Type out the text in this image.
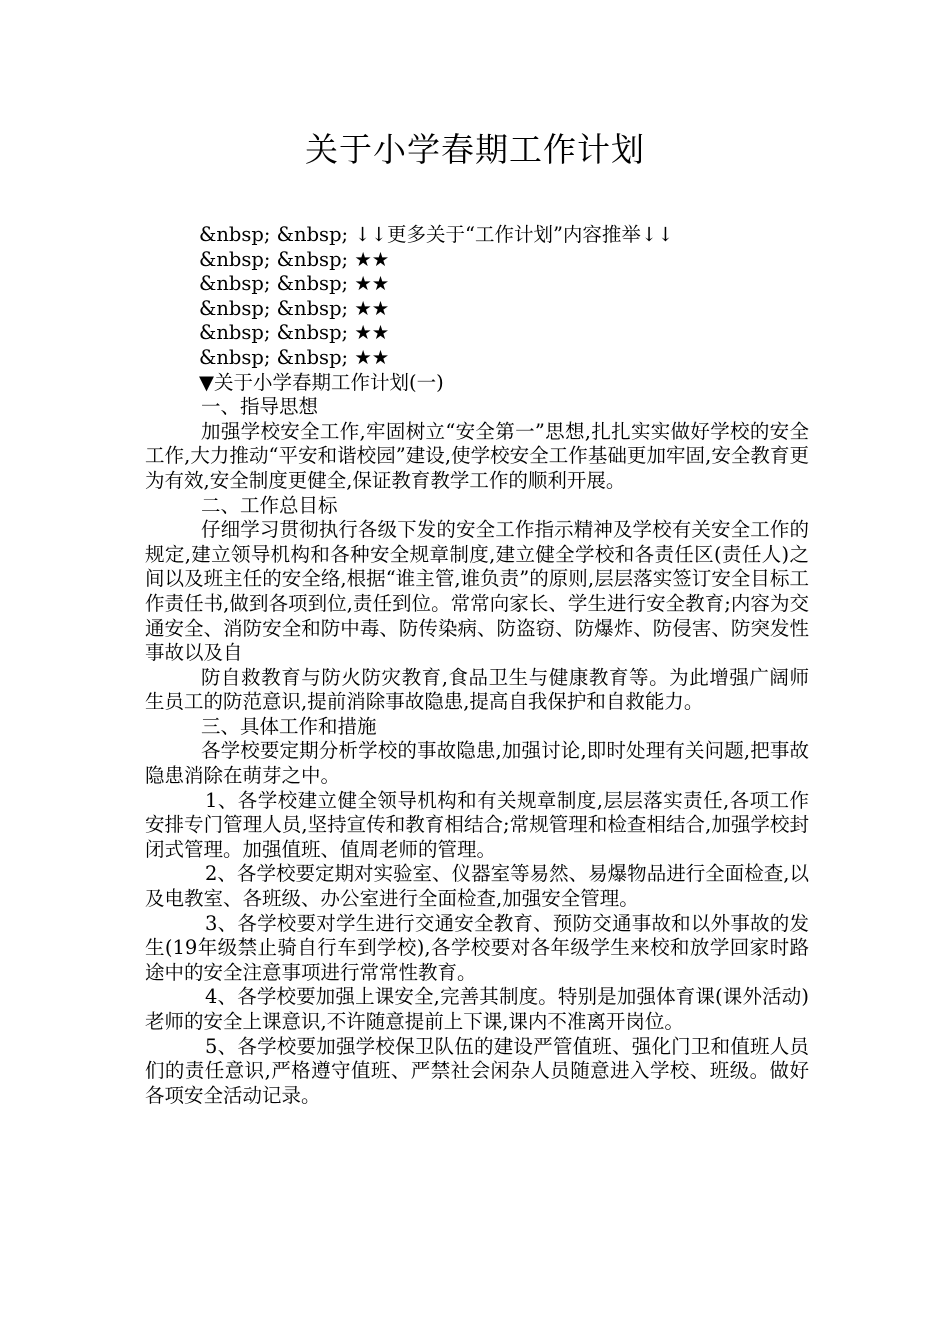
关于小学春期工作计划

&nbsp; &nbsp; ↓↓更多关于“工作计划”内容推举↓↓

&nbsp; &nbsp; ★★

&nbsp; &nbsp; ★★

&nbsp; &nbsp; ★★

&nbsp; &nbsp; ★★

&nbsp; &nbsp; ★★

▼关于小学春期工作计划(一)

一、指导思想

加强学校安全工作,牢固树立“安全第一”思想,扎扎实实做好学校的安全工作,大力推动“平安和谐校园”建设,使学校安全工作基础更加牢固,安全教育更为有效,安全制度更健全,保证教育教学工作的顺利开展。

二、工作总目标

仔细学习贯彻执行各级下发的安全工作指示精神及学校有关安全工作的规定,建立领导机构和各种安全规章制度,建立健全学校和各责任区(责任人)之间以及班主任的安全络,根据“谁主管,谁负责”的原则,层层落实签订安全目标工作责任书,做到各项到位,责任到位。常常向家长、学生进行安全教育;内容为交通安全、消防安全和防中毒、防传染病、防盗窃、防爆炸、防侵害、防突发性事故以及自

防自救教育与防火防灾教育,食品卫生与健康教育等。为此增强广阔师生员工的防范意识,提前消除事故隐患,提高自我保护和自救能力。

三、具体工作和措施

各学校要定期分析学校的事故隐患,加强讨论,即时处理有关问题,把事故隐患消除在萌芽之中。

1、各学校建立健全领导机构和有关规章制度,层层落实责任,各项工作安排专门管理人员,坚持宣传和教育相结合;常规管理和检查相结合,加强学校封闭式管理。加强值班、值周老师的管理。

2、各学校要定期对实验室、仪器室等易然、易爆物品进行全面检查,以及电教室、各班级、办公室进行全面检查,加强安全管理。

3、各学校要对学生进行交通安全教育、预防交通事故和以外事故的发生(19年级禁止骑自行车到学校),各学校要对各年级学生来校和放学回家时路途中的安全注意事项进行常常性教育。

4、各学校要加强上课安全,完善其制度。特别是加强体育课(课外活动)老师的安全上课意识,不许随意提前上下课,课内不准离开岗位。

5、各学校要加强学校保卫队伍的建设严管值班、强化门卫和值班人员们的责任意识,严格遵守值班、严禁社会闲杂人员随意进入学校、班级。做好各项安全活动记录。
